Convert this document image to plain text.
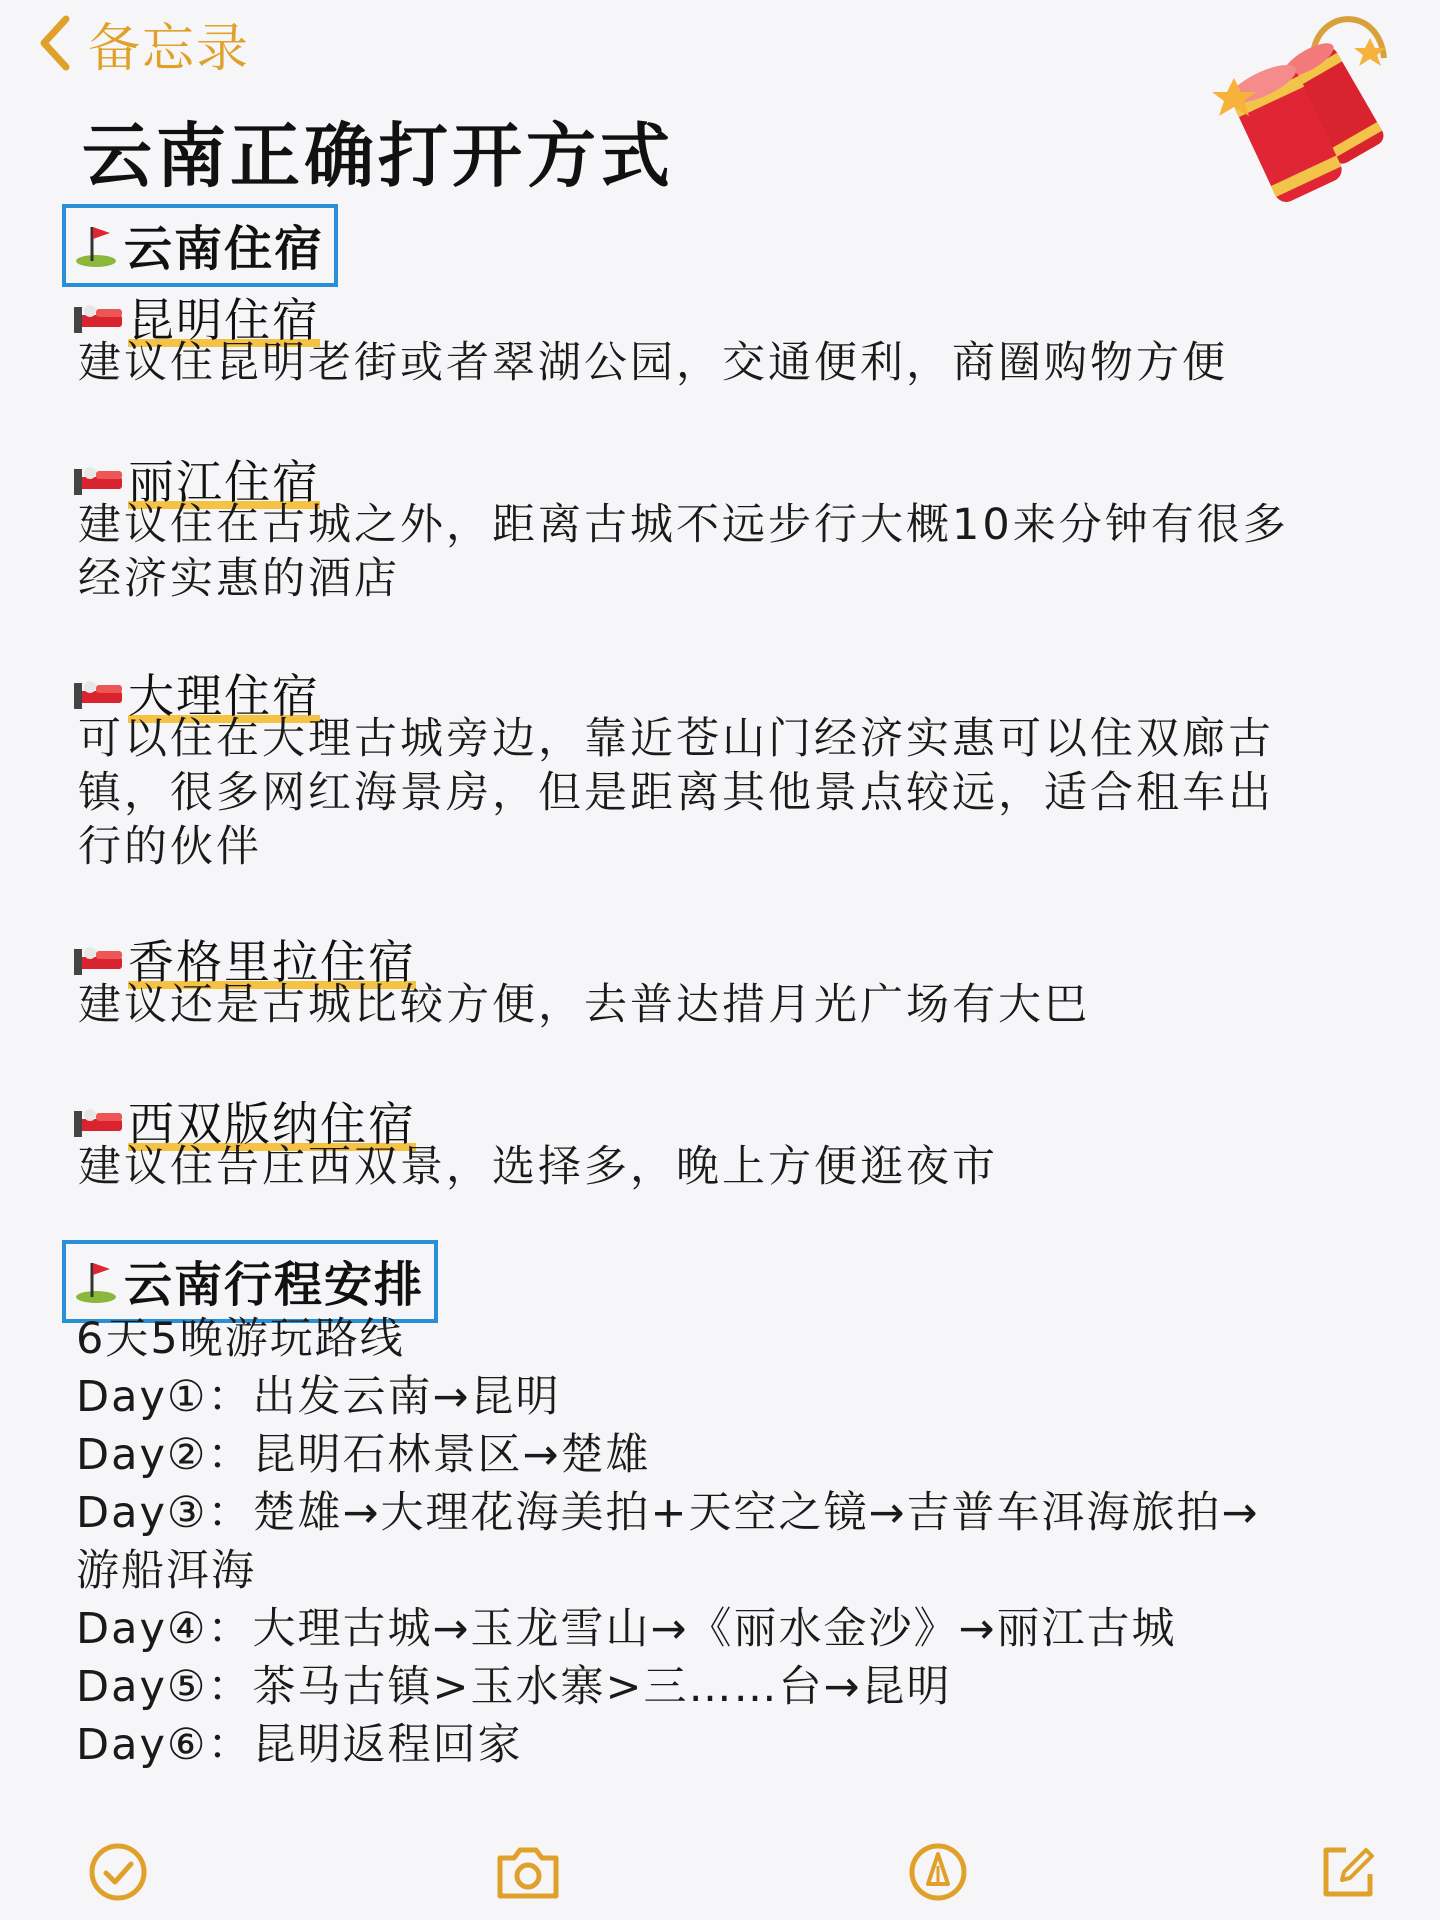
备忘录
云南正确打开方式
云南住宿
昆明住宿
建议住昆明老街或者翠湖公园，交通便利，商圈购物方便
丽江住宿
建议住在古城之外，距离古城不远步行大概10来分钟有很多
经济实惠的酒店
大理住宿
可以住在大理古城旁边，靠近苍山门经济实惠可以住双廊古
镇，很多网红海景房，但是距离其他景点较远，适合租车出
行的伙伴
香格里拉住宿
建议还是古城比较方便，去普达措月光广场有大巴
西双版纳住宿
建议住告庄西双景，选择多，晚上方便逛夜市
云南行程安排
6天5晚游玩路线
Day①：出发云南→昆明
Day②：昆明石林景区→楚雄
Day③：楚雄→大理花海美拍+天空之镜→吉普车洱海旅拍→
游船洱海
Day④：大理古城→玉龙雪山→《丽水金沙》→丽江古城
Day⑤：茶马古镇>玉水寨>三……台→昆明
Day⑥：昆明返程回家
